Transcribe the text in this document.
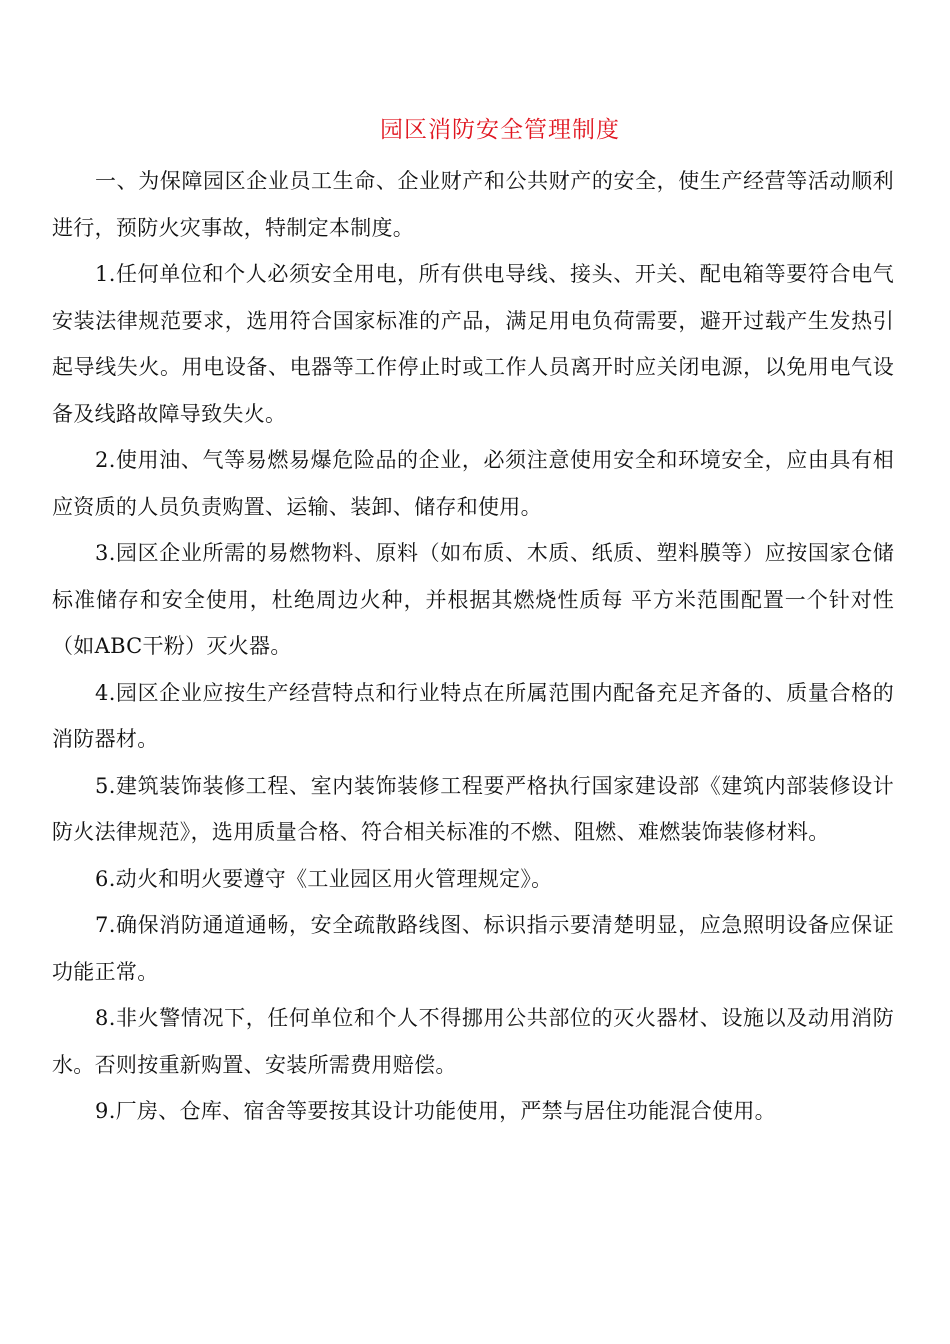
园区消防安全管理制度

一、为保障园区企业员工生命、企业财产和公共财产的安全，使生产经营等活动顺利进行，预防火灾事故，特制定本制度。

1.任何单位和个人必须安全用电，所有供电导线、接头、开关、配电箱等要符合电气安装法律规范要求，选用符合国家标准的产品，满足用电负荷需要，避开过载产生发热引起导线失火。用电设备、电器等工作停止时或工作人员离开时应关闭电源，以免用电气设备及线路故障导致失火。

2.使用油、气等易燃易爆危险品的企业，必须注意使用安全和环境安全，应由具有相应资质的人员负责购置、运输、装卸、储存和使用。

3.园区企业所需的易燃物料、原料（如布质、木质、纸质、塑料膜等）应按国家仓储标准储存和安全使用，杜绝周边火种，并根据其燃烧性质每 平方米范围配置一个针对性（如ABC干粉）灭火器。

4.园区企业应按生产经营特点和行业特点在所属范围内配备充足齐备的、质量合格的消防器材。

5.建筑装饰装修工程、室内装饰装修工程要严格执行国家建设部《建筑内部装修设计防火法律规范》，选用质量合格、符合相关标准的不燃、阻燃、难燃装饰装修材料。

6.动火和明火要遵守《工业园区用火管理规定》。

7.确保消防通道通畅，安全疏散路线图、标识指示要清楚明显，应急照明设备应保证功能正常。

8.非火警情况下，任何单位和个人不得挪用公共部位的灭火器材、设施以及动用消防水。否则按重新购置、安装所需费用赔偿。

9.厂房、仓库、宿舍等要按其设计功能使用，严禁与居住功能混合使用。
